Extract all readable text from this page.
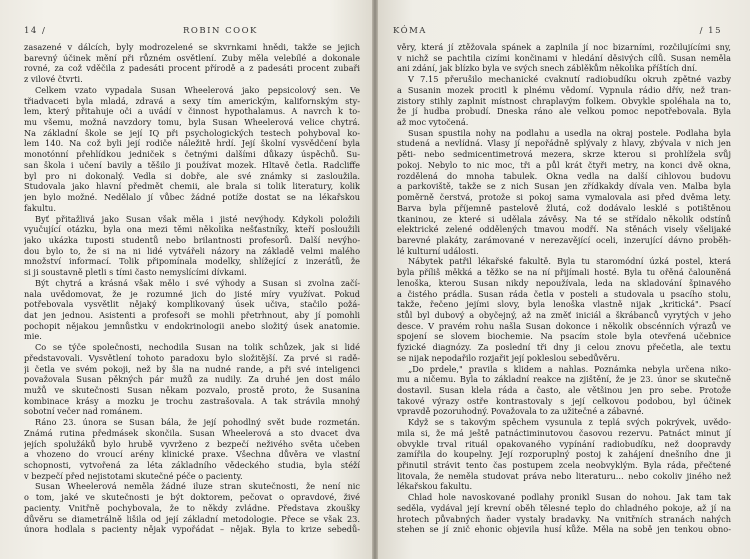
14 /	ROBIN COOK
zasazené v dálcích, byly modrozelené se skvrnkami hnědi, takže se jejich
barevný účinek mění při různém osvětlení. Zuby měla velebílé a dokonale
rovné, za což vděčila z padesáti procent přírodě a z padesáti procent zubaři
z vilové čtvrti.
Celkem vzato vypadala Susan Wheelerová jako pepsicolový sen. Ve
třiadvaceti byla mladá, zdravá a sexy tím americkým, kalifornským sty-
lem, který přitahuje oči a uvádí v činnost hypothalamus. A navrch k to-
mu všemu, možná navzdory tomu, byla Susan Wheelerová velice chytrá.
Na základní škole se její IQ při psychologických testech pohyboval ko-
lem 140. Na což byli její rodiče náležitě hrdí. Její školní vysvědčení byla
monotónní přehlídkou jedniček s četnými dalšími důkazy úspěchů. Su-
san škola i učení bavily a těšilo ji používat mozek. Hltavě četla. Radcliffe
byl pro ni dokonalý. Vedla si dobře, ale své známky si zasloužila.
Studovala jako hlavní předmět chemii, ale brala si tolik literatury, kolik
jen bylo možné. Nedělalo jí vůbec žádné potíže dostat se na lékařskou
fakultu.
Byť přitažlivá jako Susan však měla i jisté nevýhody. Kdykoli položili
vyučující otázku, byla ona mezi těmi několika nešťastníky, kteří posloužili
jako ukázka tuposti studentů nebo brilantnosti profesorů. Další nevýho-
dou bylo to, že si na ni lidé vytvářeli názory na základě velmi malého
množství informací. Tolik připomínala modelky, shlížející z inzerátů, že
si ji soustavně pletli s tími často nemyslícími dívkami.
Být chytrá a krásná však mělo i své výhody a Susan si zvolna začí-
nala uvědomovat, že je rozumné jich do jisté míry využívat. Pokud
potřebovala vysvětlit nějaký komplikovaný úsek učiva, stačilo požá-
dat jen jednou. Asistenti a profesoři se mohli přetrhnout, aby jí pomohli
pochopit nějakou jemnůstku v endokrinologii anebo složitý úsek anatomie.
mie.
Co se týče společnosti, nechodila Susan na tolik schůzek, jak si lidé
představovali. Vysvětlení tohoto paradoxu bylo složitější. Za prvé si radě-
ji četla ve svém pokoji, než by šla na nudné rande, a při své inteligenci
považovala Susan pěkných pár mužů za nudily. Za druhé jen dost málo
mužů ve skutečnosti Susan někam pozvalo, prostě proto, že Susanina
kombinace krásy a mozku je trochu zastrašovala. A tak strávila mnohý
sobotní večer nad románem.
Ráno 23. února se Susan bála, že její pohodlný svět bude rozmetán.
Známá rutina předmásek skončila. Susan Wheelerová a sto dvacet dva
jejích spolužáků bylo hrubě vyvrženo z bezpečí neživého světa učeben
a vhozeno do vroucí arény klinické praxe. Všechna důvěra ve vlastní
schopnosti, vytvořená za léta základního vědeckého studia, byla stéží
v bezpečí před nejistotami skutečné péče o pacienty.
Susan Wheelerová neměla žádné iluze stran skutečnosti, že není nic
o tom, jaké ve skutečnosti je být doktorem, pečovat o opravdové, živé
pacienty. Vnitřně pochybovala, že to někdy zvládne. Představa zkoušky
důvěru se diametrálně lišila od její základní metodologie. Přece se však 23.
února hodlala s pacienty nějak vypořádat – nějak. Byla to krize sebedů-
KÓMA	/ 15
věry, která jí ztěžovala spánek a zaplnila jí noc bizarními, rozčilujícími sny,
v nichž se pachtila cizími končinami v hledání děsivých cílů. Susan neměla
ani zdání, jak blízko byla ve svých snech záblěkům několika příštích dní.
V 7.15 přerušilo mechanické cvaknutí radiobudíku okruh zpětné vazby
a Susanin mozek procitl k plnému vědomí. Vypnula rádio dřív, než tran-
zistory stihly zaplnit místnost chraplavým folkem. Obvykle spoléhala na to,
že jí hudba probudí. Dneska ráno ale velkou pomoc nepotřebovala. Byla
až moc vytočená.
Susan spustila nohy na podlahu a usedla na okraj postele. Podlaha byla
studená a nevlídná. Vlasy jí nepořádně splývaly z hlavy, zbývala v nich jen
pěti- nebo sedmicentimetrová mezera, skrze kterou si prohlížela svůj
pokoj. Nebylo to nic moc, tři a půl krát čtyři metry, na konci dvě okna,
rozdělená do mnoha tabulek. Okna vedla na další cihlovou budovu
a parkoviště, takže se z nich Susan jen zřídkakdy dívala ven. Malba byla
poměrně čerstvá, protože si pokoj sama vymalovala asi před dvěma lety.
Barva byla příjemně pastelově žlutá, což dodávalo lesklé s potištěnou
tkaninou, ze které si udělala závěsy. Na té se střídalo několik odstínů
elektrické zelené oddělených tmavou modří. Na stěnách visely všelijaké
barevné plakáty, zarámované v nerezavějící oceli, inzerující dávno proběh-
lé kulturní události.
Nábytek patřil lékařské fakultě. Byla tu staromódní úzká postel, která
byla příliš měkká a těžko se na ní přijímali hosté. Byla tu ořěná čalouněná
lenoška, kterou Susan nikdy nepoužívala, leda na skladování špinavého
a čistého prádla. Susan ráda četla v posteli a studovala u psacího stolu,
takže, řečeno jejími slovy, byla lenoška vlastně nijak „kritická". Psací
stůl byl dubový a obyčejný, až na změť iniciál a škrábanců vyrytých v jeho
desce. V pravém rohu našla Susan dokonce i několik obscénních výrazů ve
spojení se slovem biochemie. Na psacím stole byla otevřená učebnice
fyzické diagnózy. Za poslední tři dny ji celou znovu přečetla, ale textu
se nijak nepodařilo rozjařit její pokleslou sebedůvěru.
„Do prdele," pravila s klidem a nahlas. Poznámka nebyla určena niko-
mu a ničemu. Byla to základní reakce na zjištění, že je 23. únor se skutečně
dostavil. Susan klela ráda a často, ale většinou jen pro sebe. Protože
takové výrazy ostře kontrastovaly s její celkovou podobou, byl účinek
vpravdě pozoruhodný. Považovala to za užitečné a zábavné.
Když se s takovým spěchem vysunula z teplá svých pokrývek, uvědo-
mila si, že má ještě patnáctiminutovou časovou rezervu. Patnáct minut jí
obvykle trval rituál opakovaného vypínání radiobudíku, než doopravdy
zamířila do koupelny. Její rozporuplný postoj k zahájení dnešního dne ji
přinutil strávit tento čas postupem zcela neobvyklým. Byla ráda, přečtené
litovala, že neměla studovat práva nebo literaturu... nebo cokoliv jiného než
lékařskou fakultu.
Chlad hole navoskované podlahy pronikl Susan do nohou. Jak tam tak
seděla, vydával její krevní oběh tělesné teplo do chladného pokoje, až jí na
hrotech půvabných ňader vystaly bradavky. Na vnitřních stranách nahých
stehen se jí znič ehonic objevila husí kůže. Měla na sobě jen tenkou obno-
